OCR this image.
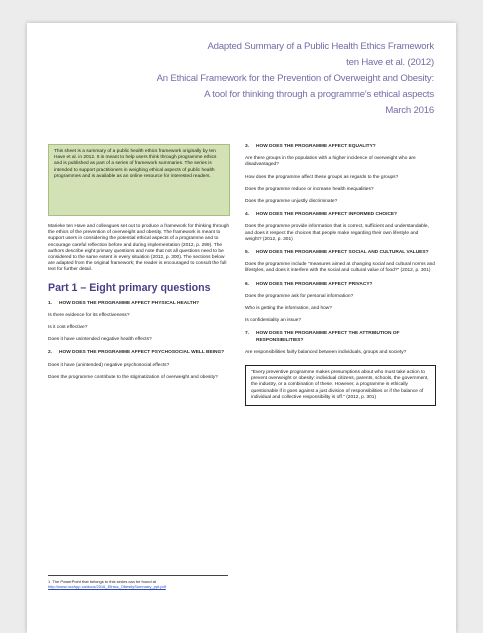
Adapted Summary of a Public Health Ethics Framework
ten Have et al. (2012)
An Ethical Framework for the Prevention of Overweight and Obesity:
A tool for thinking through a programme's ethical aspects
March 2016
This sheet is a summary of a public health ethics framework originally by ten Have et al. in 2012. It is meant to help users think through programme ethics and is published as part of a series of framework summaries. The series is intended to support practitioners in weighing ethical aspects of public health programmes and is available as an online resource for interested readers.
Marieke ten Have and colleagues set out to produce a framework for thinking through the ethics of the prevention of overweight and obesity. The framework is meant to support users in considering the potential ethical aspects of a programme and to encourage careful reflection before and during implementation (2012, p. 299). The authors describe eight primary questions and note that not all questions need to be considered to the same extent in every situation (2012, p. 300). The sections below are adapted from the original framework; the reader is encouraged to consult the full text for further detail.
Part 1 – Eight primary questions
1.	HOW DOES THE PROGRAMME AFFECT PHYSICAL HEALTH?
Is there evidence for its effectiveness?
Is it cost effective?
Does it have unintended negative health effects?
2.	HOW DOES THE PROGRAMME AFFECT PSYCHOSOCIAL WELL BEING?
Does it have (unintended) negative psychosocial effects?
Does the programme contribute to the stigmatization of overweight and obesity?
3.	HOW DOES THE PROGRAMME AFFECT EQUALITY?
Are there groups in the population with a higher incidence of overweight who are disadvantaged?
How does the programme affect these groups as regards to the groups?
Does the programme reduce or increase health inequalities?
Does the programme unjustly discriminate?
4.	HOW DOES THE PROGRAMME AFFECT INFORMED CHOICE?
Does the programme provide information that is correct, sufficient and understandable, and does it respect the choices that people make regarding their own lifestyle and weight? (2012, p. 301)
5.	HOW DOES THE PROGRAMME AFFECT SOCIAL AND CULTURAL VALUES?
Does the programme include "measures aimed at changing social and cultural norms and lifestyles, and does it interfere with the social and cultural value of food?" (2012, p. 301)
6.	HOW DOES THE PROGRAMME AFFECT PRIVACY?
Does the programme ask for personal information?
Who is getting the information, and how?
Is confidentiality an issue?
7.	HOW DOES THE PROGRAMME AFFECT THE ATTRIBUTION OF RESPONSIBILITIES?
Are responsibilities fairly balanced between individuals, groups and society?
"Every preventive programme makes presumptions about who must take action to prevent overweight or obesity: individual citizens, parents, schools, the government, the industry, or a combination of these. However, a programme is ethically questionable if it goes against a just division of responsibilities or if the balance of individual and collective responsibility is off." (2012, p. 301)
1 The PowerPoint that belongs to this series can be found at
http://www.ncchpp.ca/docs/2016_Ethics_ObesitySummary_ppt.pdf
